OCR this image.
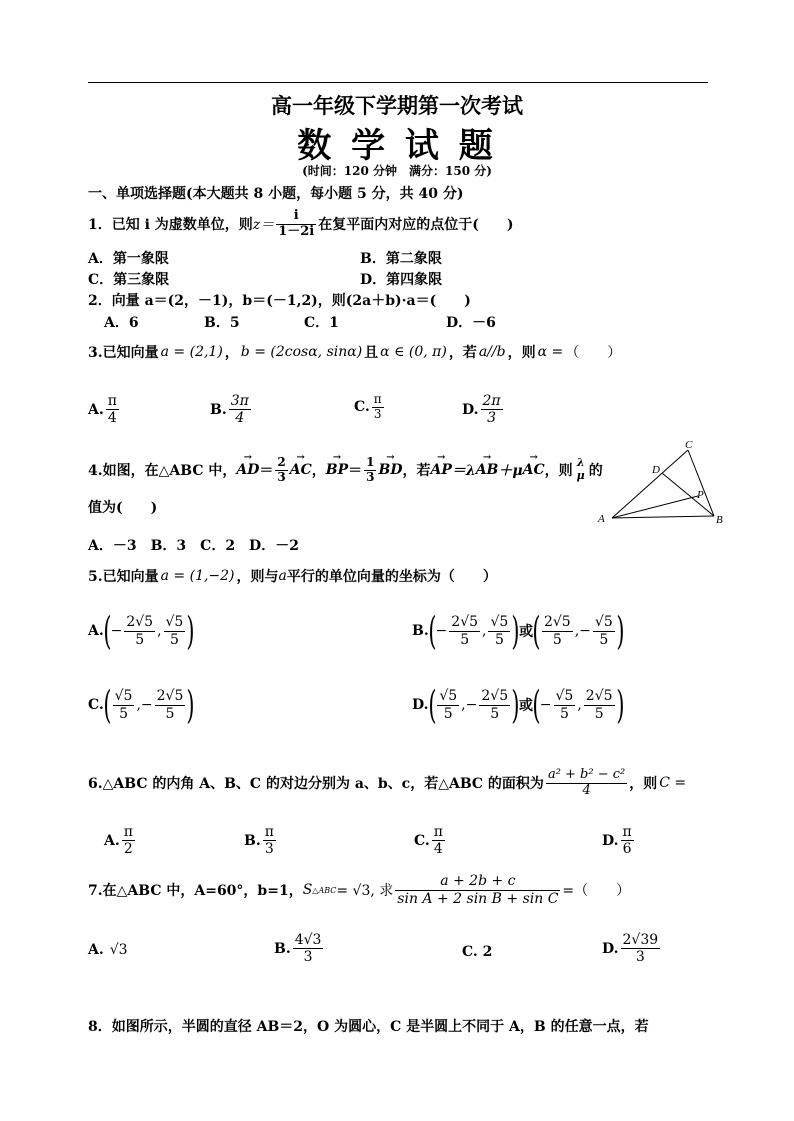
高一年级下学期第一次考试
数 学 试 题
(时间：120 分钟　满分：150 分)
一、单项选择题(本大题共 8 小题，每小题 5 分，共 40 分)
1．已知 i 为虚数单位，则 $z= \frac{i}{1-2i}$ 在复平面内对应的点位于(　　)
A．第一象限	B．第二象限
C．第三象限	D．第四象限
2．向量 a＝(2，－1)，b＝(－1,2)，则(2a＋b)·a＝(　　)
A．6	B．5	C．1	D．－6
3.已知向量 a = (2,1) ， b = (2cosα, sinα) 且 α ∈ (0, π) ，若 a//b ，则 α = （　　）
A. $\frac{\pi}{4}$	B. $\frac{3\pi}{4}$	C. $\frac{\pi}{3}$	D. $\frac{2\pi}{3}$
4.如图，在△ABC 中， → AD ＝ $\frac{2}{3}$ → AC ， → BP ＝ $\frac{1}{3}$ → BD ，若 → AP ＝λ → AB ＋μ → AC ，则
λ
μ 的
值为(　　)
A	B
C
D
P
A．－3　B．3　C．2　D．－2
5.已知向量 a = (1,−2) ，则与 a 平行的单位向量的坐标为（　　）
A. ( − $\frac{2√5}{5}$ , $\frac{√5}{5}$ )	B. ( − $\frac{2√5}{5}$ , $\frac{√5}{5}$ ) 或 ( $\frac{2√5}{5}$ , − $\frac{√5}{5}$ )
C. ( $\frac{√5}{5}$ , − $\frac{2√5}{5}$ )	D. ( $\frac{√5}{5}$ , − $\frac{2√5}{5}$ ) 或 ( − $\frac{√5}{5}$ , $\frac{2√5}{5}$ )
6.△ABC 的内角 A、B、C 的对边分别为 a、b、c，若△ABC 的面积为 $\frac{\text{a² + b² − c²}}{4}$ ，则 C =
A. $\frac{\pi}{2}$	B. $\frac{\pi}{3}$	C. $\frac{\pi}{4}$	D. $\frac{\pi}{6}$
7.在△ABC 中，A=60°，b=1， S △ABC = √3, 求 $\frac{a + 2b + c}{\text{sin A + 2 sin B + sin C}}$ =（　　）
A. √3	B. $\frac{4√3}{3}$	C. 2	D. $\frac{2√39}{3}$
8．如图所示，半圆的直径 AB＝2，O 为圆心，C 是半圆上不同于 A，B 的任意一点，若
